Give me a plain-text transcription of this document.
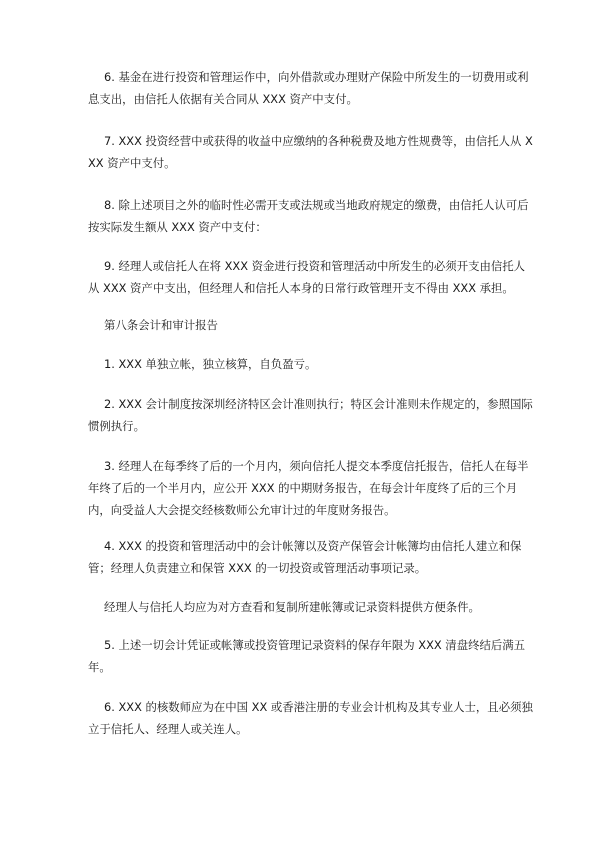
6. 基金在进行投资和管理运作中，向外借款或办理财产保险中所发生的一切费用或利息支出，由信托人依据有关合同从 XXX 资产中支付。

7. XXX 投资经营中或获得的收益中应缴纳的各种税费及地方性规费等，由信托人从 XXX 资产中支付。

8. 除上述项目之外的临时性必需开支或法规或当地政府规定的缴费，由信托人认可后按实际发生额从 XXX 资产中支付：

9. 经理人或信托人在将 XXX 资金进行投资和管理活动中所发生的必须开支由信托人从 XXX 资产中支出，但经理人和信托人本身的日常行政管理开支不得由 XXX 承担。

第八条会计和审计报告

1. XXX 单独立帐，独立核算，自负盈亏。

2. XXX 会计制度按深圳经济特区会计准则执行；特区会计准则未作规定的，参照国际惯例执行。

3. 经理人在每季终了后的一个月内，须向信托人提交本季度信托报告，信托人在每半年终了后的一个半月内，应公开 XXX 的中期财务报告，在每会计年度终了后的三个月内，向受益人大会提交经核数师公允审计过的年度财务报告。

4. XXX 的投资和管理活动中的会计帐簿以及资产保管会计帐簿均由信托人建立和保管；经理人负责建立和保管 XXX 的一切投资或管理活动事项记录。

经理人与信托人均应为对方查看和复制所建帐簿或记录资料提供方便条件。

5. 上述一切会计凭证或帐簿或投资管理记录资料的保存年限为 XXX 清盘终结后满五年。

6. XXX 的核数师应为在中国 XX 或香港注册的专业会计机构及其专业人士，且必须独立于信托人、经理人或关连人。
